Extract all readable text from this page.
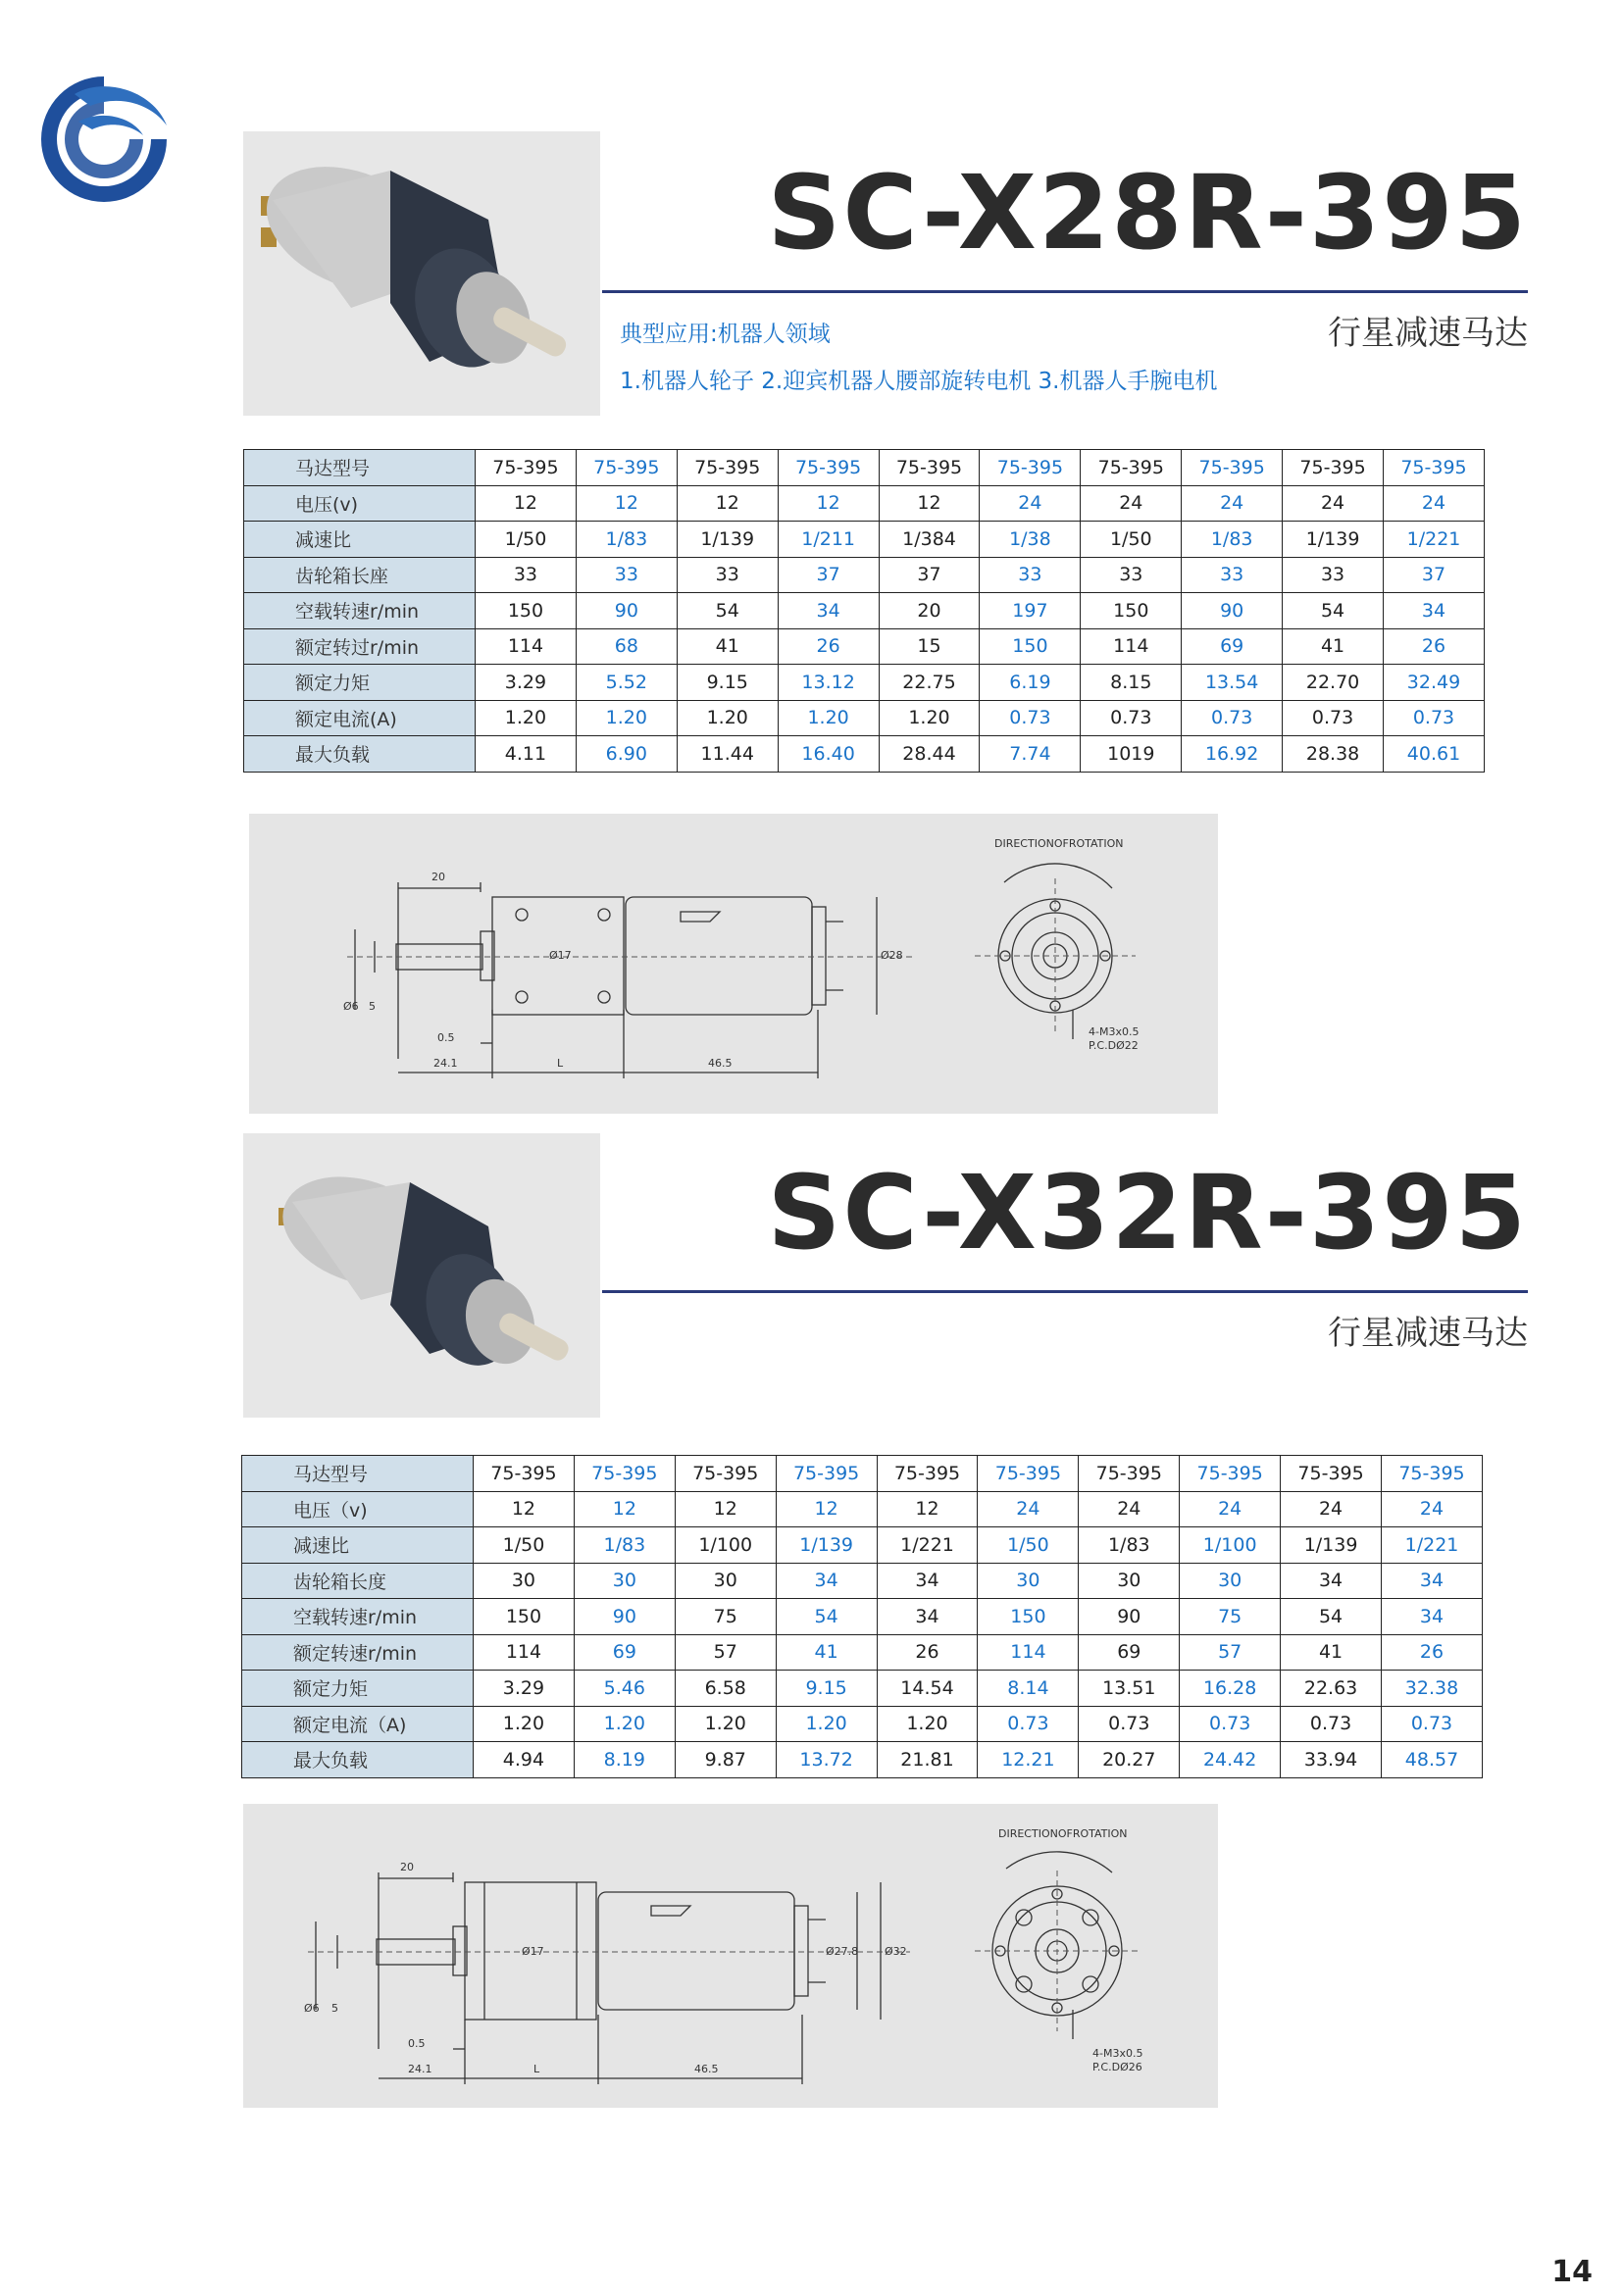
SC-X28R-395
行星减速马达
典型应用:机器人领域
1.机器人轮子 2.迎宾机器人腰部旋转电机 3.机器人手腕电机
马达型号	75-395	75-395	75-395	75-395	75-395	75-395	75-395	75-395	75-395	75-395
电压(v)	12	12	12	12	12	24	24	24	24	24
减速比	1/50	1/83	1/139	1/211	1/384	1/38	1/50	1/83	1/139	1/221
齿轮箱长座	33	33	33	37	37	33	33	33	33	37
空载转速r/min	150	90	54	34	20	197	150	90	54	34
额定转过r/min	114	68	41	26	15	150	114	69	41	26
额定力矩	3.29	5.52	9.15	13.12	22.75	6.19	8.15	13.54	22.70	32.49
额定电流(A)	1.20	1.20	1.20	1.20	1.20	0.73	0.73	0.73	0.73	0.73
最大负载	4.11	6.90	11.44	16.40	28.44	7.74	1019	16.92	28.38	40.61
DIRECTIONOFROTATION
20
Ø6 5
Ø17	Ø28
0.5
24.1	L	46.5
4-M3x0.5
P.C.DØ22
SC-X32R-395
行星减速马达
马达型号	75-395	75-395	75-395	75-395	75-395	75-395	75-395	75-395	75-395	75-395
电压（v)	12	12	12	12	12	24	24	24	24	24
减速比	1/50	1/83	1/100	1/139	1/221	1/50	1/83	1/100	1/139	1/221
齿轮箱长度	30	30	30	34	34	30	30	30	34	34
空载转速r/min	150	90	75	54	34	150	90	75	54	34
额定转速r/min	114	69	57	41	26	114	69	57	41	26
额定力矩	3.29	5.46	6.58	9.15	14.54	8.14	13.51	16.28	22.63	32.38
额定电流（A)	1.20	1.20	1.20	1.20	1.20	0.73	0.73	0.73	0.73	0.73
最大负载	4.94	8.19	9.87	13.72	21.81	12.21	20.27	24.42	33.94	48.57
DIRECTIONOFROTATION
20
Ø6 5
Ø17	Ø27.8 Ø32
0.5
24.1	L	46.5
4-M3x0.5
P.C.DØ26
14
